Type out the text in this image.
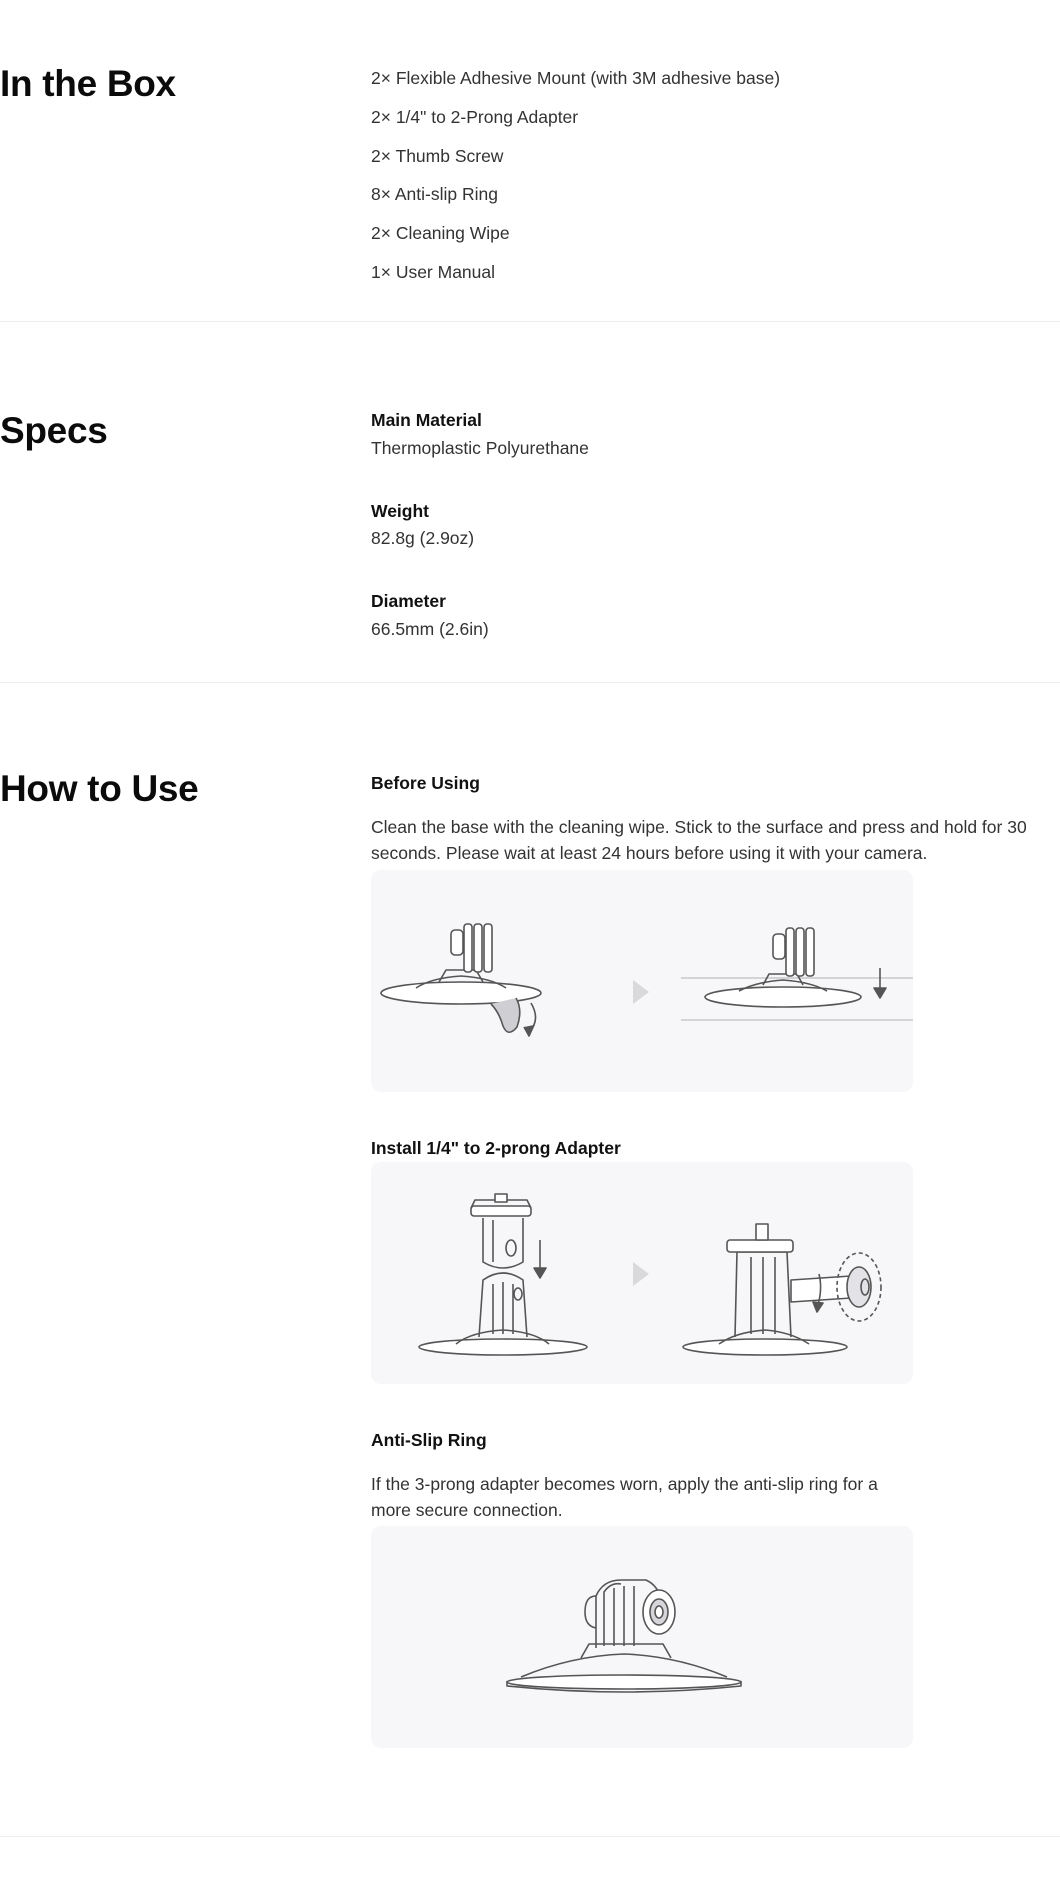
In the Box	2× Flexible Adhesive Mount (with 3M adhesive base)
2× 1/4" to 2-Prong Adapter
2× Thumb Screw
8× Anti-slip Ring
2× Cleaning Wipe
1× User Manual
Specs	Main Material
Thermoplastic Polyurethane
Weight
82.8g (2.9oz)
Diameter
66.5mm (2.6in)
How to Use	Before Using
Clean the base with the cleaning wipe. Stick to the surface and press and hold for 30 seconds. Please wait at least 24 hours before using it with your camera.
Install 1/4" to 2-prong Adapter
Anti-Slip Ring
If the 3-prong adapter becomes worn, apply the anti-slip ring for a more secure connection.
